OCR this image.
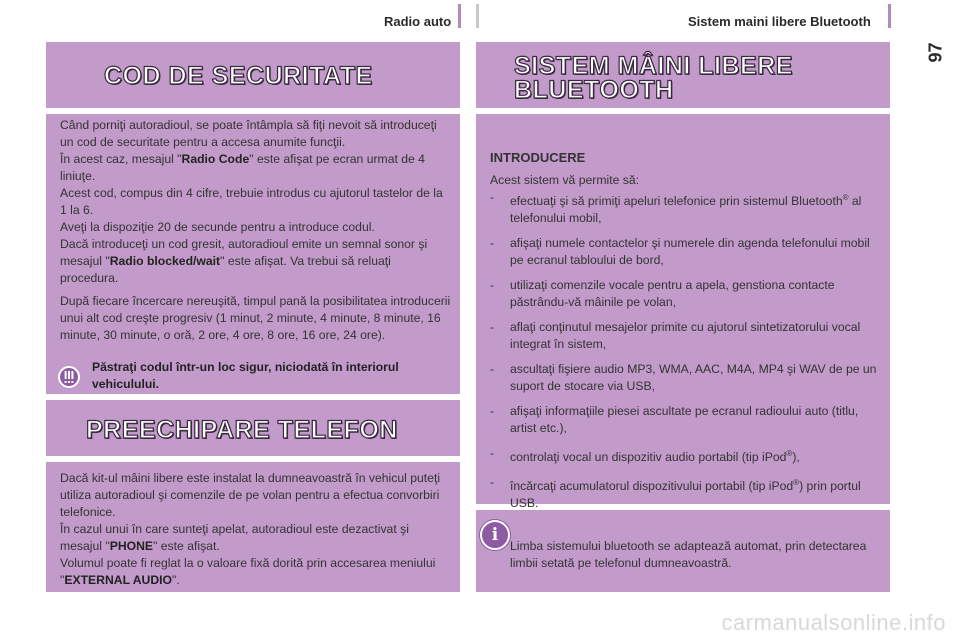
Radio auto	Sistem maini libere Bluetooth
97
COD DE SECURITATE

Când porniţi autoradioul, se poate întâmpla să fiţi nevoit să introduceţi un cod de securitate pentru a accesa anumite funcţii.
În acest caz, mesajul "Radio Code" este afişat pe ecran urmat de 4 liniuţe.
Acest cod, compus din 4 cifre, trebuie introdus cu ajutorul tastelor de la 1 la 6.
Aveţi la dispoziţie 20 de secunde pentru a introduce codul.
Dacă introduceţi un cod gresit, autoradioul emite un semnal sonor şi mesajul "Radio blocked/wait" este afişat. Va trebui să reluaţi procedura.

După fiecare încercare nereuşită, timpul pană la posibilitatea introducerii unui alt cod creşte progresiv (1 minut, 2 minute, 4 minute, 8 minute, 16 minute, 30 minute, o oră, 2 ore, 4 ore, 8 ore, 16 ore, 24 ore).

Păstraţi codul într-un loc sigur, niciodată în interiorul vehiculului.
PREECHIPARE TELEFON
Dacă kit-ul mâini libere este instalat la dumneavoastră în vehicul puteţi utiliza autoradioul şi comenzile de pe volan pentru a efectua convorbiri telefonice.
În cazul unui în care sunteţi apelat, autoradioul este dezactivat şi mesajul "PHONE" este afişat.
Volumul poate fi reglat la o valoare fixă dorită prin accesarea meniului "EXTERNAL AUDIO".
SISTEM MÂINI LIBERE
BLUETOOTH
INTRODUCERE
Acest sistem vă permite să:
- efectuaţi şi să primiţi apeluri telefonice prin sistemul Bluetooth® al telefonului mobil,
- afişaţi numele contactelor şi numerele din agenda telefonului mobil pe ecranul tabloului de bord,
- utilizaţi comenzile vocale pentru a apela, genstiona contacte păstrându-vă mâinile pe volan,
- aflaţi conţinutul mesajelor primite cu ajutorul sintetizatorului vocal integrat în sistem,
- ascultaţi fişiere audio MP3, WMA, AAC, M4A, MP4 şi WAV de pe un suport de stocare via USB,
- afişaţi informaţiile piesei ascultate pe ecranul radioului auto (titlu, artist etc.),
- controlaţi vocal un dispozitiv audio portabil (tip iPod®),
- încărcaţi acumulatorul dispozitivului portabil (tip iPod®) prin portul USB.
i
Limba sistemului bluetooth se adaptează automat, prin detectarea limbii setată pe telefonul dumneavoastră.
carmanualsonline.info
